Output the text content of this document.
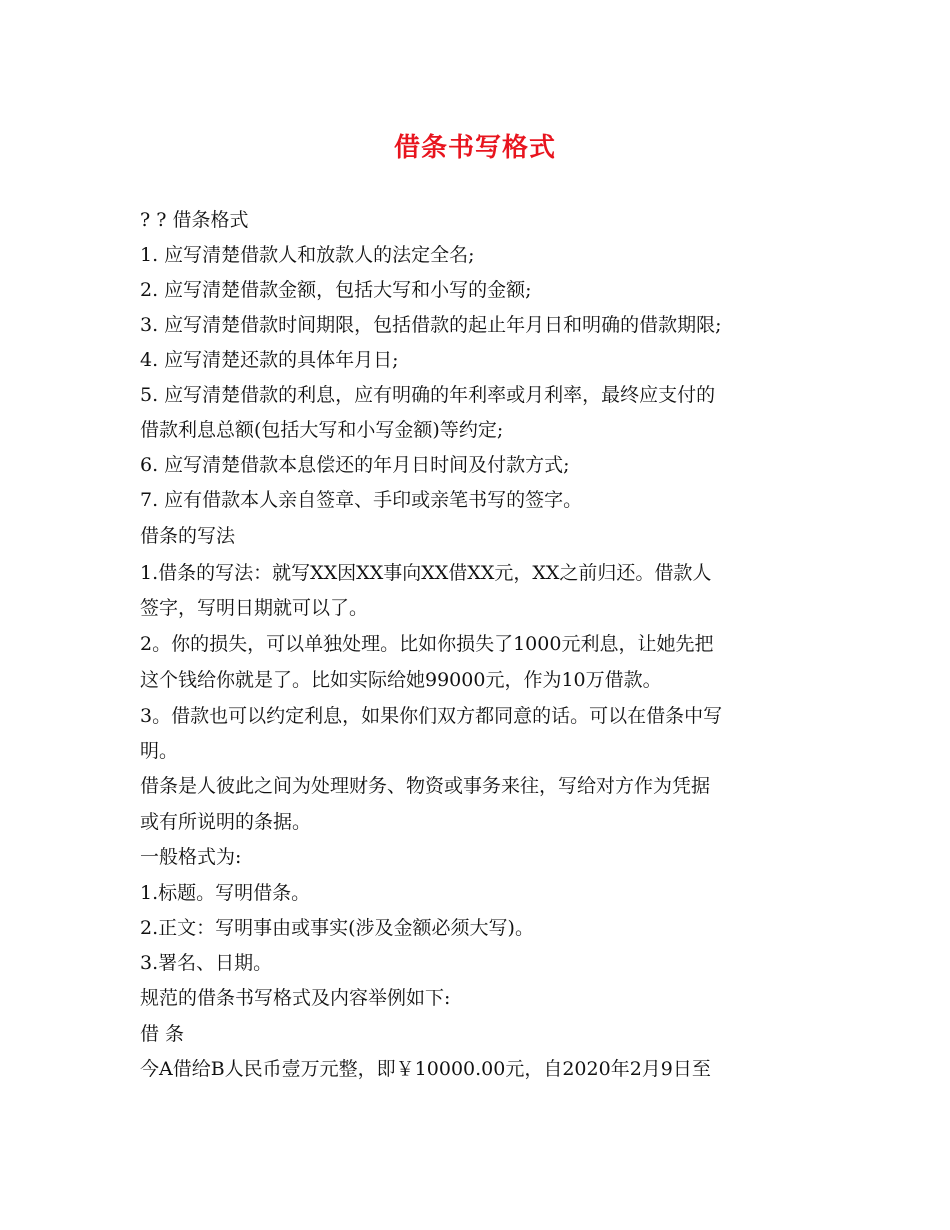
借条书写格式
? ? 借条格式
1. 应写清楚借款人和放款人的法定全名;
2. 应写清楚借款金额，包括大写和小写的金额;
3. 应写清楚借款时间期限，包括借款的起止年月日和明确的借款期限;
4. 应写清楚还款的具体年月日;
5. 应写清楚借款的利息，应有明确的年利率或月利率，最终应支付的
借款利息总额(包括大写和小写金额)等约定;
6. 应写清楚借款本息偿还的年月日时间及付款方式;
7. 应有借款本人亲自签章、手印或亲笔书写的签字。
借条的写法
1.借条的写法：就写XX因XX事向XX借XX元，XX之前归还。借款人
签字，写明日期就可以了。
2。你的损失，可以单独处理。比如你损失了1000元利息，让她先把
这个钱给你就是了。比如实际给她99000元，作为10万借款。
3。借款也可以约定利息，如果你们双方都同意的话。可以在借条中写
明。
借条是人彼此之间为处理财务、物资或事务来往，写给对方作为凭据
或有所说明的条据。
一般格式为:
1.标题。写明借条。
2.正文：写明事由或事实(涉及金额必须大写)。
3.署名、日期。
规范的借条书写格式及内容举例如下:
借 条
今A借给B人民币壹万元整，即￥10000.00元，自2020年2月9日至
